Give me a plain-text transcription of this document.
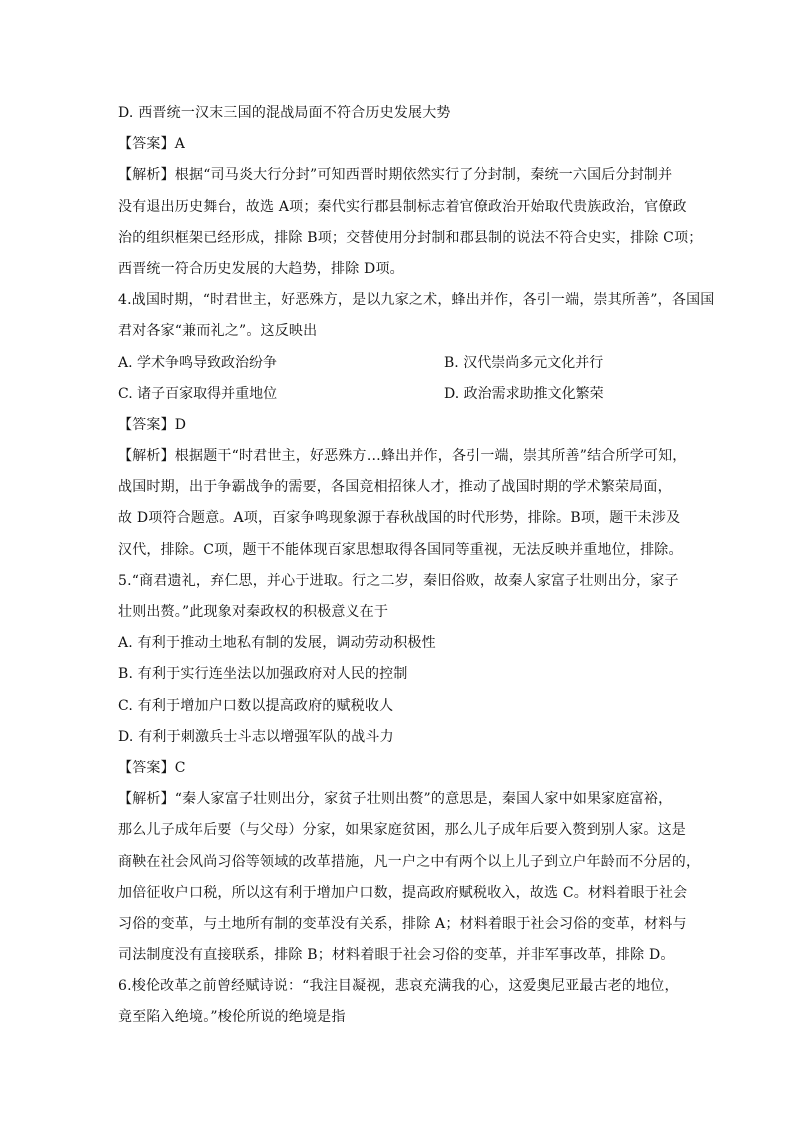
D. 西晋统一汉末三国的混战局面不符合历史发展大势
【答案】A
【解析】根据“司马炎大行分封”可知西晋时期依然实行了分封制，秦统一六国后分封制并
没有退出历史舞台，故选 A项；秦代实行郡县制标志着官僚政治开始取代贵族政治，官僚政
治的组织框架已经形成，排除 B项；交替使用分封制和郡县制的说法不符合史实，排除 C项；
西晋统一符合历史发展的大趋势，排除 D项。
4.战国时期，“时君世主，好恶殊方，是以九家之术，蜂出并作，各引一端，崇其所善”，各国国
君对各家“兼而礼之”。这反映出
A. 学术争鸣导致政治纷争	B. 汉代崇尚多元文化并行
C. 诸子百家取得并重地位	D. 政治需求助推文化繁荣
【答案】D
【解析】根据题干“时君世主，好恶殊方…蜂出并作，各引一端，崇其所善”结合所学可知，
战国时期，出于争霸战争的需要，各国竞相招徕人才，推动了战国时期的学术繁荣局面，
故 D项符合题意。A项，百家争鸣现象源于春秋战国的时代形势，排除。B项，题干未涉及
汉代，排除。C项，题干不能体现百家思想取得各国同等重视，无法反映并重地位，排除。
5.“商君遗礼，弃仁思，并心于进取。行之二岁，秦旧俗败，故秦人家富子壮则出分，家子
壮则出赘。”此现象对秦政权的积极意义在于
A. 有利于推动土地私有制的发展，调动劳动积极性
B. 有利于实行连坐法以加强政府对人民的控制
C. 有利于增加户口数以提高政府的赋税收人
D. 有利于刺激兵士斗志以增强军队的战斗力
【答案】C
【解析】“秦人家富子壮则出分，家贫子壮则出赘”的意思是，秦国人家中如果家庭富裕，
那么儿子成年后要（与父母）分家，如果家庭贫困，那么儿子成年后要入赘到别人家。这是
商鞅在社会风尚习俗等领域的改革措施，凡一户之中有两个以上儿子到立户年龄而不分居的，
加倍征收户口税，所以这有利于增加户口数，提高政府赋税收入，故选 C。材料着眼于社会
习俗的变革，与土地所有制的变革没有关系，排除 A；材料着眼于社会习俗的变革，材料与
司法制度没有直接联系，排除 B；材料着眼于社会习俗的变革，并非军事改革，排除 D。
6.梭伦改革之前曾经赋诗说：“我注目凝视，悲哀充满我的心，这爱奥尼亚最古老的地位，
竟至陷入绝境。”梭伦所说的绝境是指
